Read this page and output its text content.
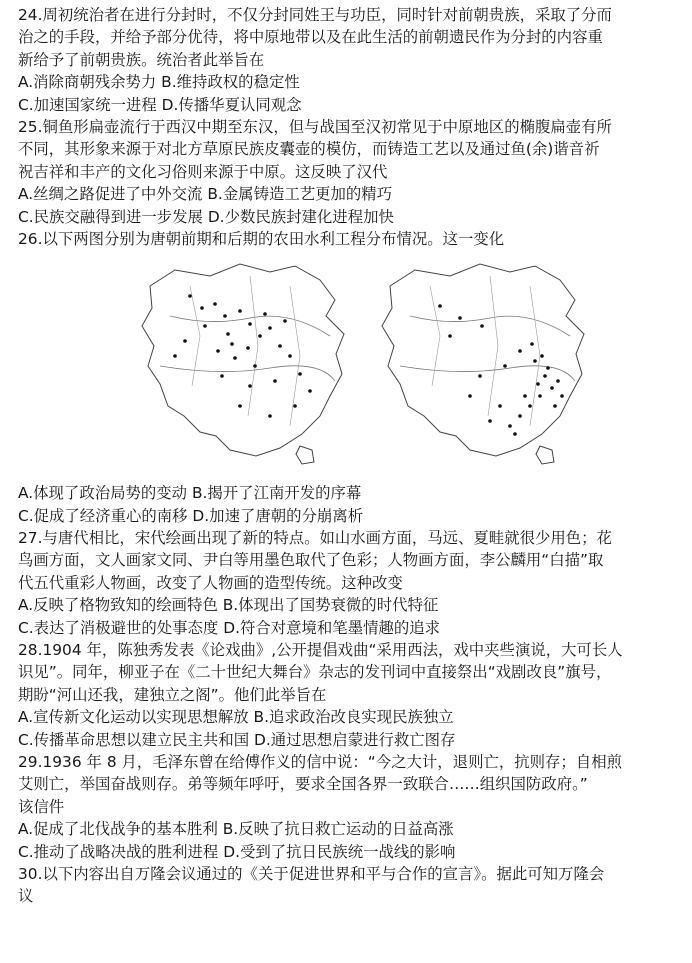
24.周初统治者在进行分封时，不仅分封同姓王与功臣，同时针对前朝贵族，采取了分而
治之的手段，并给予部分优待，将中原地带以及在此生活的前朝遗民作为分封的内容重
新给予了前朝贵族。统治者此举旨在
A.消除商朝残余势力 B.维持政权的稳定性
C.加速国家统一进程 D.传播华夏认同观念
25.铜鱼形扁壶流行于西汉中期至东汉，但与战国至汉初常见于中原地区的椭腹扁壶有所
不同，其形象来源于对北方草原民族皮囊壶的模仿，而铸造工艺以及通过鱼(余)谐音祈
祝吉祥和丰产的文化习俗则来源于中原。这反映了汉代
A.丝绸之路促进了中外交流 B.金属铸造工艺更加的精巧
C.民族交融得到进一步发展 D.少数民族封建化进程加快
26.以下两图分别为唐朝前期和后期的农田水利工程分布情况。这一变化
A.体现了政治局势的变动 B.揭开了江南开发的序幕
C.促成了经济重心的南移 D.加速了唐朝的分崩离析
27.与唐代相比，宋代绘画出现了新的特点。如山水画方面，马远、夏畦就很少用色；花
鸟画方面，文人画家文同、尹白等用墨色取代了色彩；人物画方面，李公麟用“白描”取
代五代重彩人物画，改变了人物画的造型传统。这种改变
A.反映了格物致知的绘画特色 B.体现出了国势衰微的时代特征
C.表达了消极避世的处事态度 D.符合对意境和笔墨情趣的追求
28.1904 年，陈独秀发表《论戏曲》,公开提倡戏曲“采用西法，戏中夹些演说，大可长人
识见”。同年，柳亚子在《二十世纪大舞台》杂志的发刊词中直接祭出“戏剧改良”旗号，
期盼“河山还我，建独立之阁”。他们此举旨在
A.宣传新文化运动以实现思想解放 B.追求政治改良实现民族独立
C.传播革命思想以建立民主共和国 D.通过思想启蒙进行救亡图存
29.1936 年 8 月，毛泽东曾在给傅作义的信中说：“今之大计，退则亡，抗则存；自相煎
艾则亡，举国奋战则存。弟等频年呼吁，要求全国各界一致联合……组织国防政府。”
该信件
A.促成了北伐战争的基本胜利 B.反映了抗日救亡运动的日益高涨
C.推动了战略决战的胜利进程 D.受到了抗日民族统一战线的影响
30.以下内容出自万隆会议通过的《关于促进世界和平与合作的宣言》。据此可知万隆会
议
